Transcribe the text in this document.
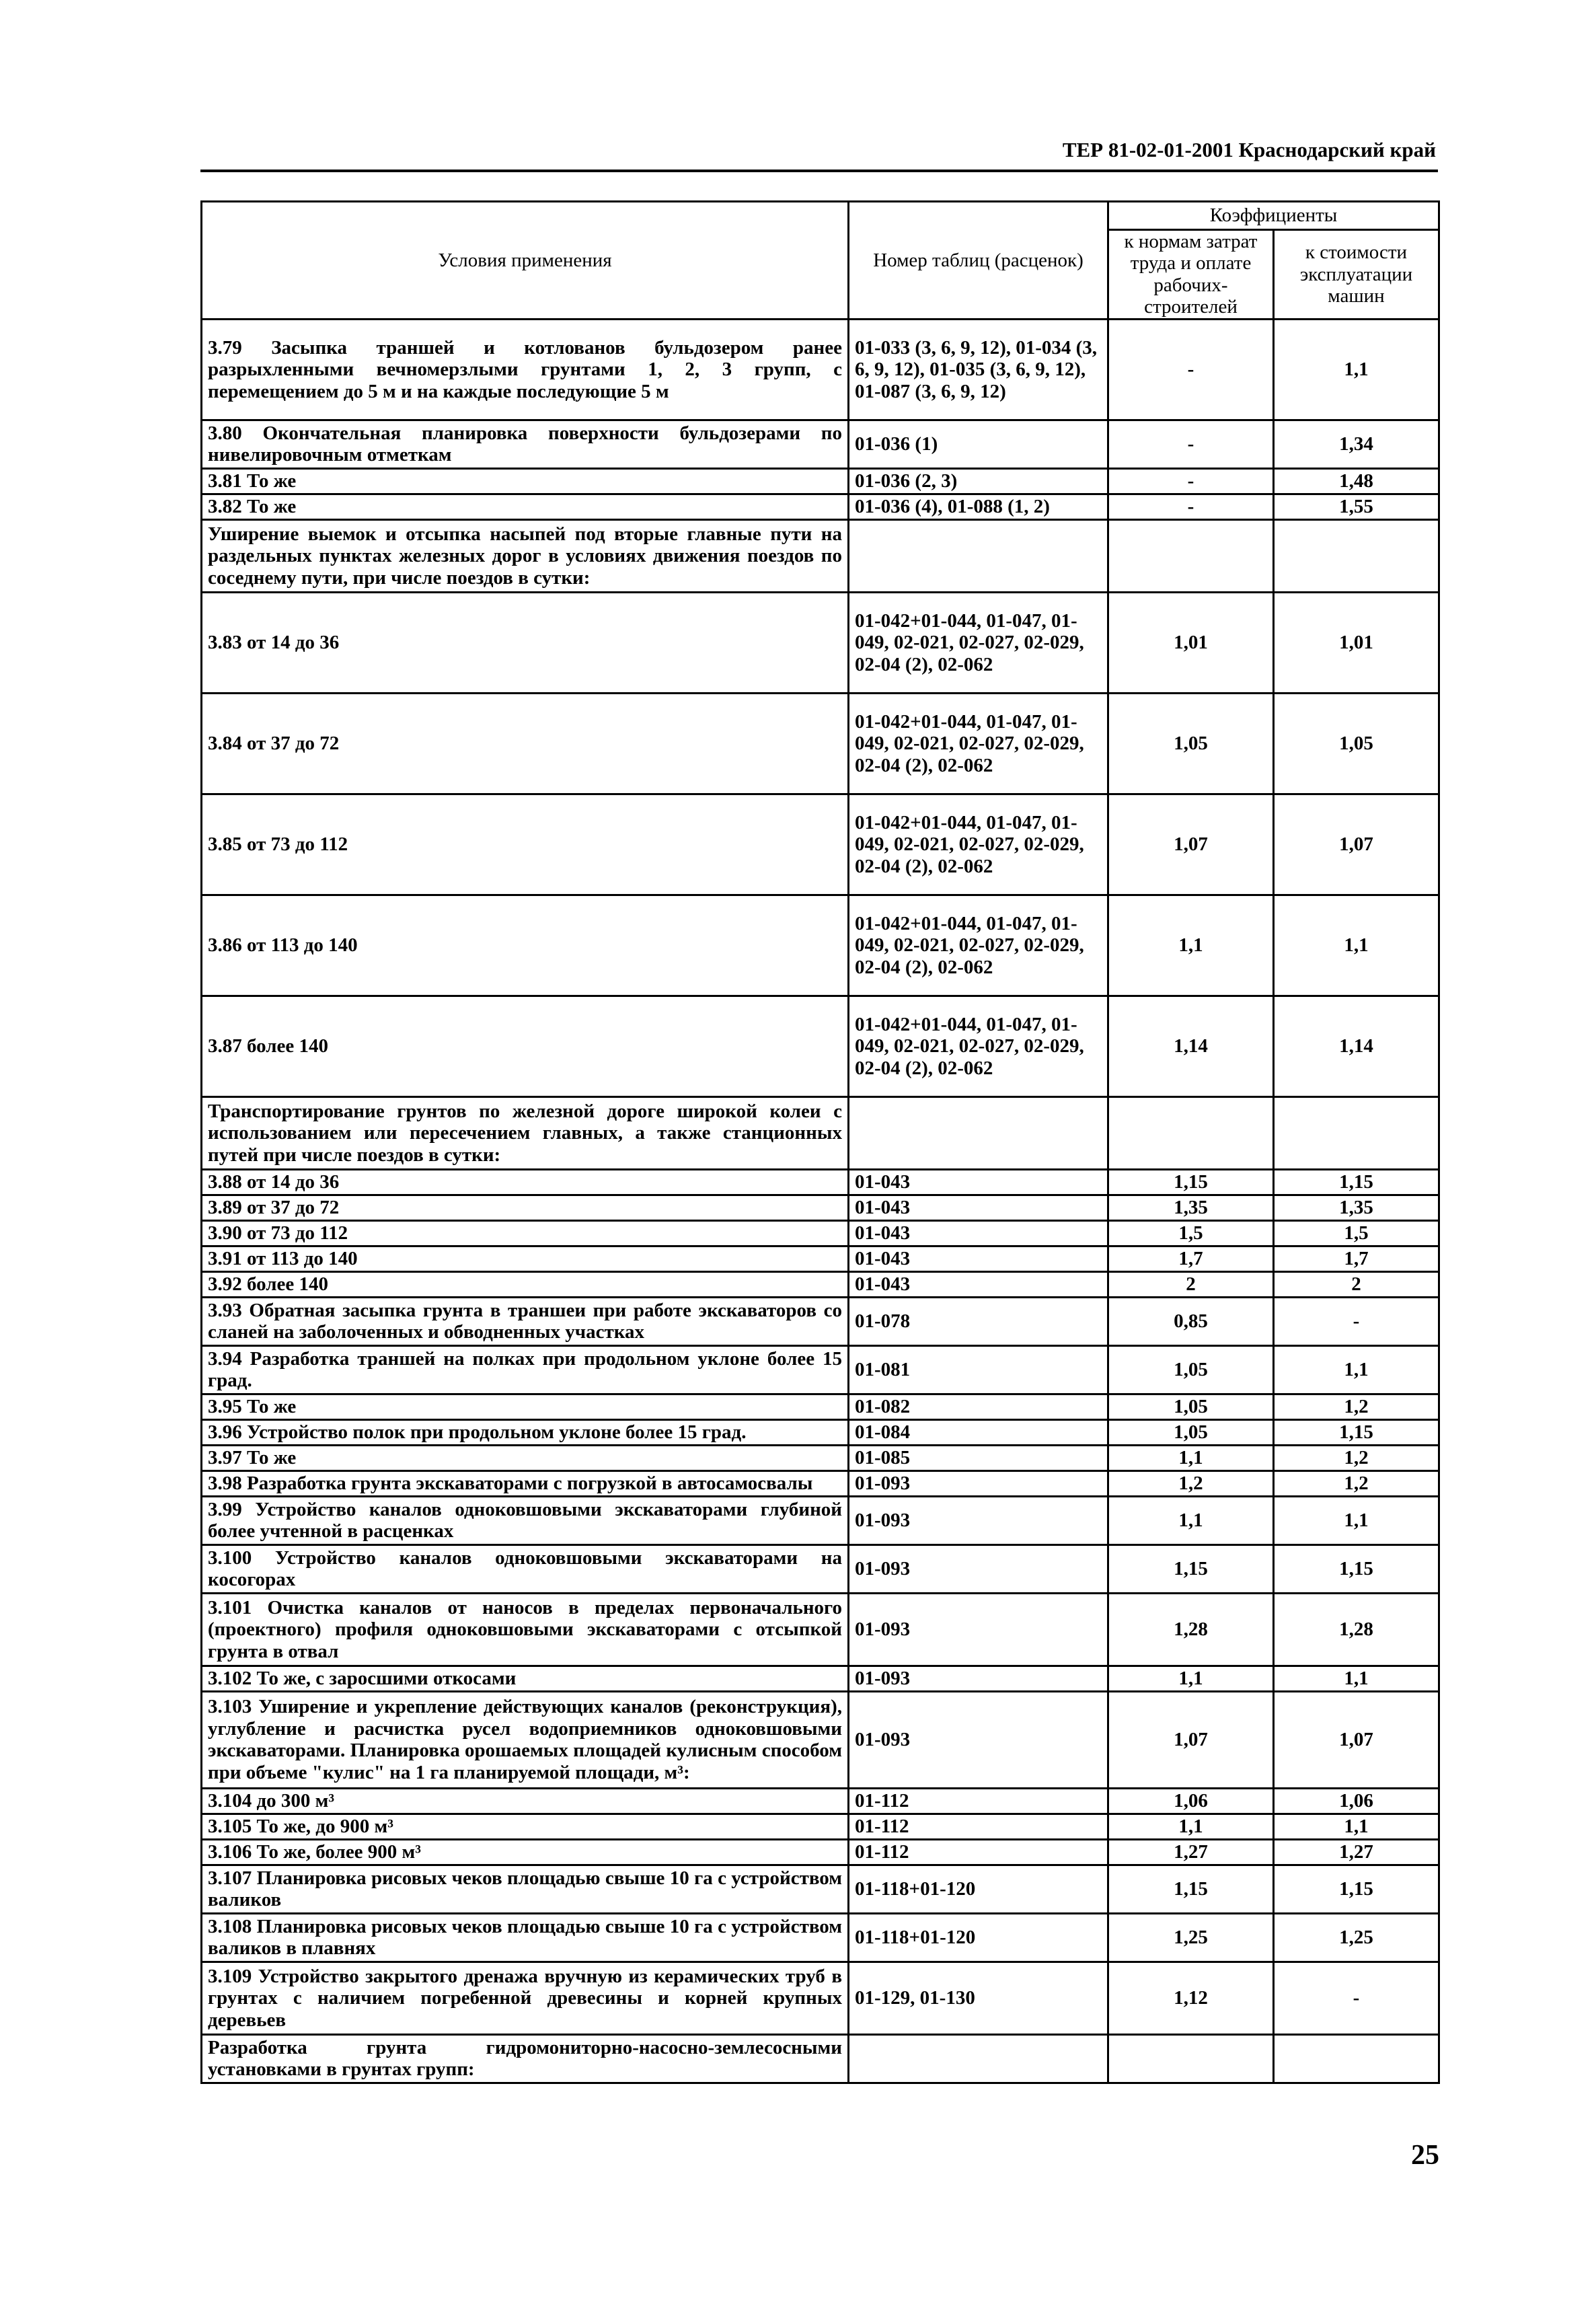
ТЕР 81-02-01-2001 Краснодарский край
Условия применения	Номер таблиц (расценок)	Коэффициенты	
		к нормам затрат труда и оплате рабочих-строителей	к стоимости эксплуатации машин
3.79 Засыпка траншей и котлованов бульдозером ранее разрыхленными вечномерзлыми грунтами 1, 2, 3 групп, с перемещением до 5 м и на каждые последующие 5 м	01-033 (3, 6, 9, 12), 01-034 (3, 6, 9, 12), 01-035 (3, 6, 9, 12), 01-087 (3, 6, 9, 12)	-	1,1
3.80 Окончательная планировка поверхности бульдозерами по нивелировочным отметкам	01-036 (1)	-	1,34
3.81 То же	01-036 (2, 3)	-	1,48
3.82 То же	01-036 (4), 01-088 (1, 2)	-	1,55
Уширение выемок и отсыпка насыпей под вторые главные пути на раздельных пунктах железных дорог в условиях движения поездов по соседнему пути, при числе поездов в сутки:			
3.83 от 14 до 36	01-042+01-044, 01-047, 01-049, 02-021, 02-027, 02-029, 02-04 (2), 02-062	1,01	1,01
3.84 от 37 до 72	01-042+01-044, 01-047, 01-049, 02-021, 02-027, 02-029, 02-04 (2), 02-062	1,05	1,05
3.85 от 73 до 112	01-042+01-044, 01-047, 01-049, 02-021, 02-027, 02-029, 02-04 (2), 02-062	1,07	1,07
3.86 от 113 до 140	01-042+01-044, 01-047, 01-049, 02-021, 02-027, 02-029, 02-04 (2), 02-062	1,1	1,1
3.87 более 140	01-042+01-044, 01-047, 01-049, 02-021, 02-027, 02-029, 02-04 (2), 02-062	1,14	1,14
Транспортирование грунтов по железной дороге широкой колеи с использованием или пересечением главных, а также станционных путей при числе поездов в сутки:			
3.88 от 14 до 36	01-043	1,15	1,15
3.89 от 37 до 72	01-043	1,35	1,35
3.90 от 73 до 112	01-043	1,5	1,5
3.91 от 113 до 140	01-043	1,7	1,7
3.92 более 140	01-043	2	2
3.93 Обратная засыпка грунта в траншеи при работе экскаваторов со сланей на заболоченных и обводненных участках	01-078	0,85	-
3.94 Разработка траншей на полках при продольном уклоне более 15 град.	01-081	1,05	1,1
3.95 То же	01-082	1,05	1,2
3.96 Устройство полок при продольном уклоне более 15 град.	01-084	1,05	1,15
3.97 То же	01-085	1,1	1,2
3.98 Разработка грунта экскаваторами с погрузкой в автосамосвалы	01-093	1,2	1,2
3.99 Устройство каналов одноковшовыми экскаваторами глубиной более учтенной в расценках	01-093	1,1	1,1
3.100 Устройство каналов одноковшовыми экскаваторами на косогорах	01-093	1,15	1,15
3.101 Очистка каналов от наносов в пределах первоначального (проектного) профиля одноковшовыми экскаваторами с отсыпкой грунта в отвал	01-093	1,28	1,28
3.102 То же, с заросшими откосами	01-093	1,1	1,1
3.103 Уширение и укрепление действующих каналов (реконструкция), углубление и расчистка русел водоприемников одноковшовыми экскаваторами. Планировка орошаемых площадей кулисным способом при объеме "кулис" на 1 га планируемой площади, м³:	01-093	1,07	1,07
3.104 до 300 м³	01-112	1,06	1,06
3.105 То же, до 900 м³	01-112	1,1	1,1
3.106 То же, более 900 м³	01-112	1,27	1,27
3.107 Планировка рисовых чеков площадью свыше 10 га с устройством валиков	01-118+01-120	1,15	1,15
3.108 Планировка рисовых чеков площадью свыше 10 га с устройством валиков в плавнях	01-118+01-120	1,25	1,25
3.109 Устройство закрытого дренажа вручную из керамических труб в грунтах с наличием погребенной древесины и корней крупных деревьев	01-129, 01-130	1,12	-
Разработка грунта гидромониторно-насосно-землесосными установками в грунтах групп:			
25
